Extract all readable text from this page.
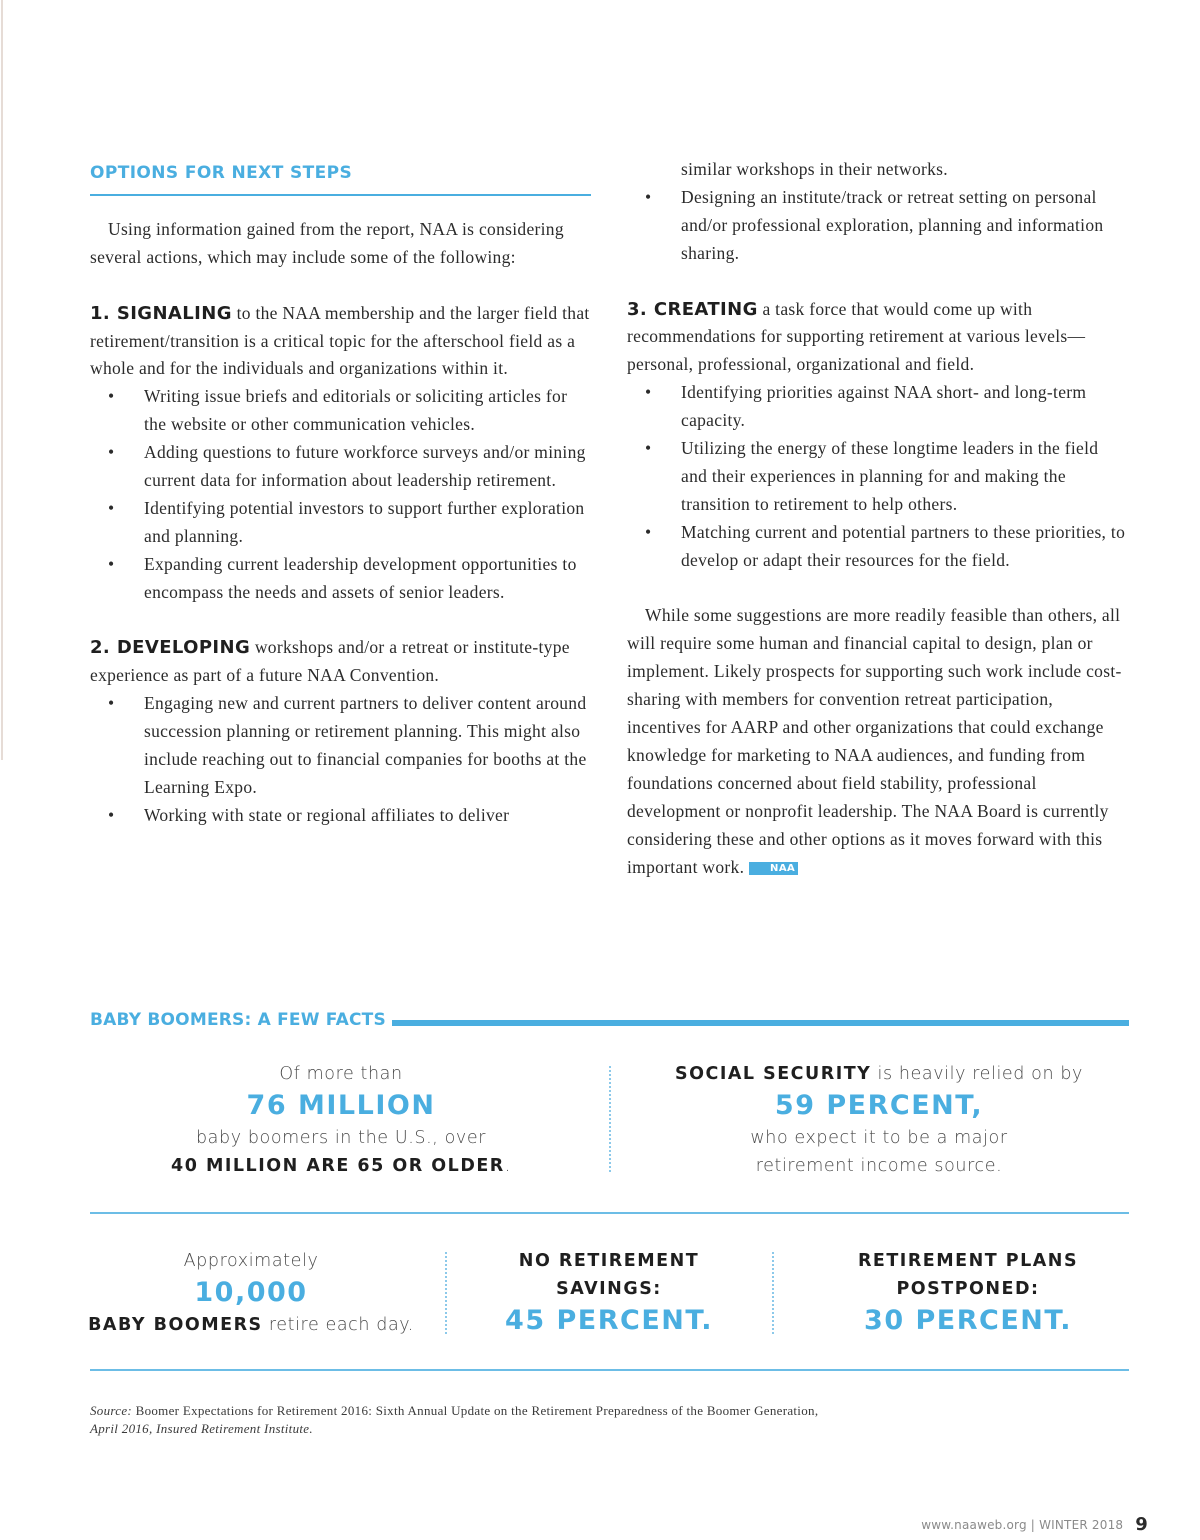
OPTIONS FOR NEXT STEPS

Using information gained from the report, NAA is considering several actions, which may include some of the following:

1. SIGNALING to the NAA membership and the larger field that retirement/transition is a critical topic for the afterschool field as a whole and for the individuals and organizations within it.

• Writing issue briefs and editorials or soliciting articles for the website or other communication vehicles.
• Adding questions to future workforce surveys and/or mining current data for information about leadership retirement.
• Identifying potential investors to support further exploration and planning.
• Expanding current leadership development opportunities to encompass the needs and assets of senior leaders.

2. DEVELOPING workshops and/or a retreat or institute-type experience as part of a future NAA Convention.

• Engaging new and current partners to deliver content around succession planning or retirement planning. This might also include reaching out to financial companies for booths at the Learning Expo.
• Working with state or regional affiliates to deliver
similar workshops in their networks.
• Designing an institute/track or retreat setting on personal and/or professional exploration, planning and information sharing.

3. CREATING a task force that would come up with recommendations for supporting retirement at various levels—personal, professional, organizational and field.

• Identifying priorities against NAA short- and long-term capacity.
• Utilizing the energy of these longtime leaders in the field and their experiences in planning for and making the transition to retirement to help others.
• Matching current and potential partners to these priorities, to develop or adapt their resources for the field.

While some suggestions are more readily feasible than others, all will require some human and financial capital to design, plan or implement. Likely prospects for supporting such work include cost-sharing with members for convention retreat participation, incentives for AARP and other organizations that could exchange knowledge for marketing to NAA audiences, and funding from foundations concerned about field stability, professional development or nonprofit leadership. The NAA Board is currently considering these and other options as it moves forward with this important work.	NAA

BABY BOOMERS: A FEW FACTS
Of more than
76 MILLION
baby boomers in the U.S., over
40 MILLION ARE 65 OR OLDER.
SOCIAL SECURITY is heavily relied on by
59 PERCENT,
who expect it to be a major
retirement income source.
Approximately
10,000
BABY BOOMERS retire each day.
NO RETIREMENT
SAVINGS:
45 PERCENT.
RETIREMENT PLANS
POSTPONED:
30 PERCENT.
Source: Boomer Expectations for Retirement 2016: Sixth Annual Update on the Retirement Preparedness of the Boomer Generation,
April 2016, Insured Retirement Institute.
www.naaweb.org | WINTER 2018 9
